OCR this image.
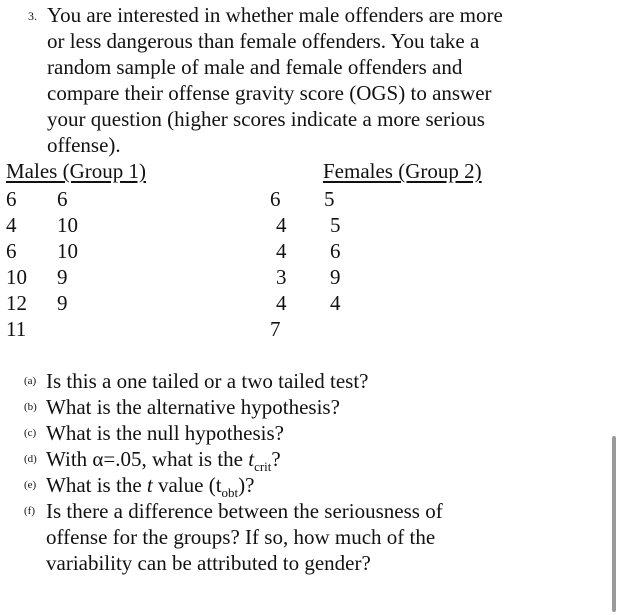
3. You are interested in whether male offenders are more
or less dangerous than female offenders. You take a
random sample of male and female offenders and
compare their offense gravity score (OGS) to answer
your question (higher scores indicate a more serious
offense).
Males (Group 1)	Females (Group 2)
6
4
6
10
12
11
6
10
10
9
9
6
4
4
3
4
7
5
5
6
9
4
(a) Is this a one tailed or a two tailed test?
(b) What is the alternative hypothesis?
(c) What is the null hypothesis?
(d) With α=.05, what is the $t_{crit}$?
(e) What is the t value $(t_{obt})$?
(f) Is there a difference between the seriousness of
offense for the groups? If so, how much of the
variability can be attributed to gender?
